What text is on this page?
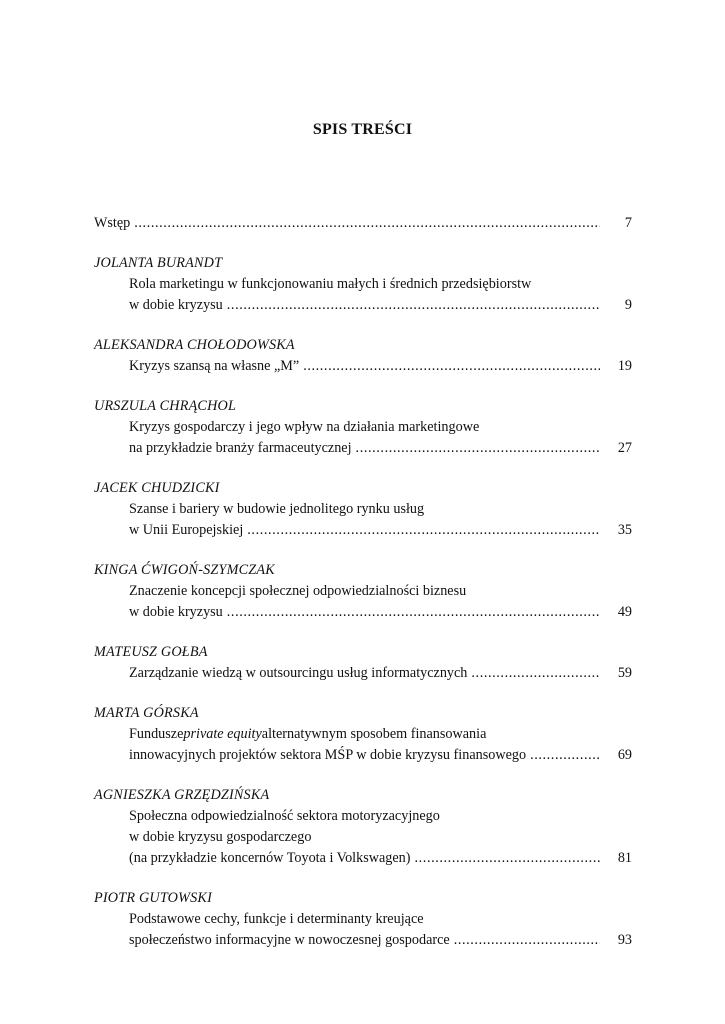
SPIS TREŚCI
Wstęp .....	7
JOLANTA BURANDT
Rola marketingu w funkcjonowaniu małych i średnich przedsiębiorstw
w dobie kryzysu .....	9
ALEKSANDRA CHOŁODOWSKA
Kryzys szansą na własne „M” .....	19
URSZULA CHRĄCHOL
Kryzys gospodarczy i jego wpływ na działania marketingowe
na przykładzie branży farmaceutycznej .....	27
JACEK CHUDZICKI
Szanse i bariery w budowie jednolitego rynku usług
w Unii Europejskiej .....	35
KINGA ĆWIGOŃ-SZYMCZAK
Znaczenie koncepcji społecznej odpowiedzialności biznesu
w dobie kryzysu .....	49
MATEUSZ GOŁBA
Zarządzanie wiedzą w outsourcingu usług informatycznych .....	59
MARTA GÓRSKA
Fundusze private equity alternatywnym sposobem finansowania
innowacyjnych projektów sektora MŚP w dobie kryzysu finansowego .....	69
AGNIESZKA GRZĘDZIŃSKA
Społeczna odpowiedzialność sektora motoryzacyjnego
w dobie kryzysu gospodarczego
(na przykładzie koncernów Toyota i Volkswagen) .....	81
PIOTR GUTOWSKI
Podstawowe cechy, funkcje i determinanty kreujące
społeczeństwo informacyjne w nowoczesnej gospodarce .....	93
